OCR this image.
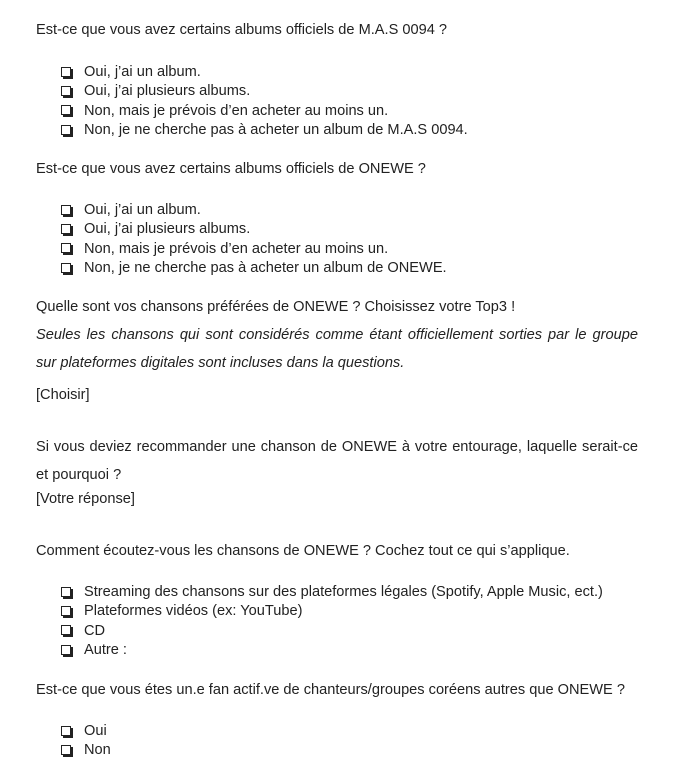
Est-ce que vous avez certains albums officiels de M.A.S 0094 ?
Oui, j’ai un album.
Oui, j’ai plusieurs albums.
Non, mais je prévois d’en acheter au moins un.
Non, je ne cherche pas à acheter un album de M.A.S 0094.
Est-ce que vous avez certains albums officiels de ONEWE ?
Oui, j’ai un album.
Oui, j’ai plusieurs albums.
Non, mais je prévois d’en acheter au moins un.
Non, je ne cherche pas à acheter un album de ONEWE.
Quelle sont vos chansons préférées de ONEWE ? Choisissez votre Top3 !
Seules les chansons qui sont considérés comme étant officiellement sorties par le groupe sur plateformes digitales sont incluses dans la questions.
[Choisir]
Si vous deviez recommander une chanson de ONEWE à votre entourage, laquelle serait-ce et pourquoi ?
[Votre réponse]
Comment écoutez-vous les chansons de ONEWE ? Cochez tout ce qui s’applique.
Streaming des chansons sur des plateformes légales (Spotify, Apple Music, ect.)
Plateformes vidéos (ex: YouTube)
CD
Autre :
Est-ce que vous étes un.e fan actif.ve de chanteurs/groupes coréens autres que ONEWE ?
Oui
Non
